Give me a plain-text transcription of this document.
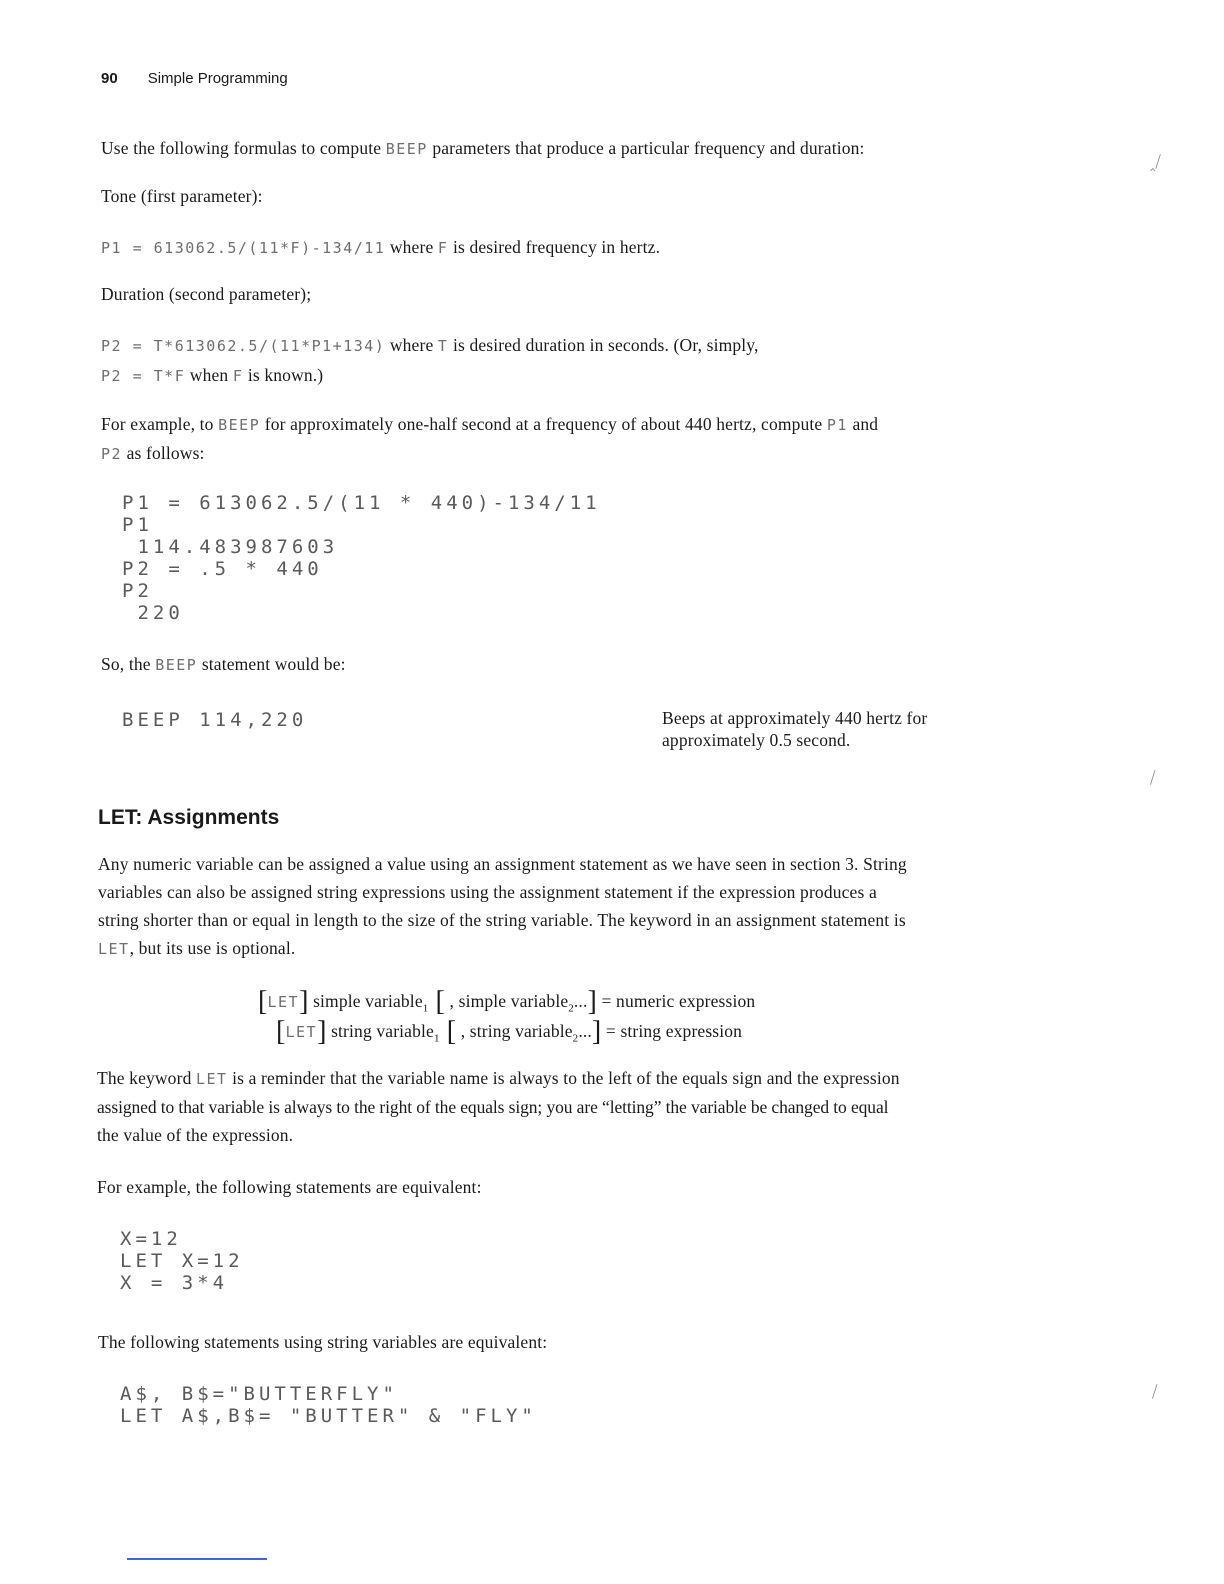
90 Simple Programming
Use the following formulas to compute BEEP parameters that produce a particular frequency and duration:
Tone (first parameter):
P1 = 613062.5/(11*F)-134/11 where F is desired frequency in hertz.
Duration (second parameter);
P2 = T*613062.5/(11*P1+134) where T is desired duration in seconds. (Or, simply,
P2 = T*F when F is known.)
For example, to BEEP for approximately one-half second at a frequency of about 440 hertz, compute P1 and
P2 as follows:
P1 = 613062.5/(11 * 440)-134/11
P1
114.483987603
P2 = .5 * 440
P2
220
So, the BEEP statement would be:
BEEP 114,220	Beeps at approximately 440 hertz for
approximately 0.5 second.
LET: Assignments
Any numeric variable can be assigned a value using an assignment statement as we have seen in section 3. String
variables can also be assigned string expressions using the assignment statement if the expression produces a
string shorter than or equal in length to the size of the string variable. The keyword in an assignment statement is
LET, but its use is optional.
[LET] simple variable$_1$ [ , simple variable$_2$...] = numeric expression
[LET] string variable$_1$ [ , string variable$_2$...] = string expression
The keyword LET is a reminder that the variable name is always to the left of the equals sign and the expression
assigned to that variable is always to the right of the equals sign; you are “letting” the variable be changed to equal
the value of the expression.
For example, the following statements are equivalent:
X=12
LET X=12
X = 3*4
The following statements using string variables are equivalent:
A$, B$="BUTTERFLY"
LET A$,B$= "BUTTER" & "FLY"
‸⧸
⧸
⧸
